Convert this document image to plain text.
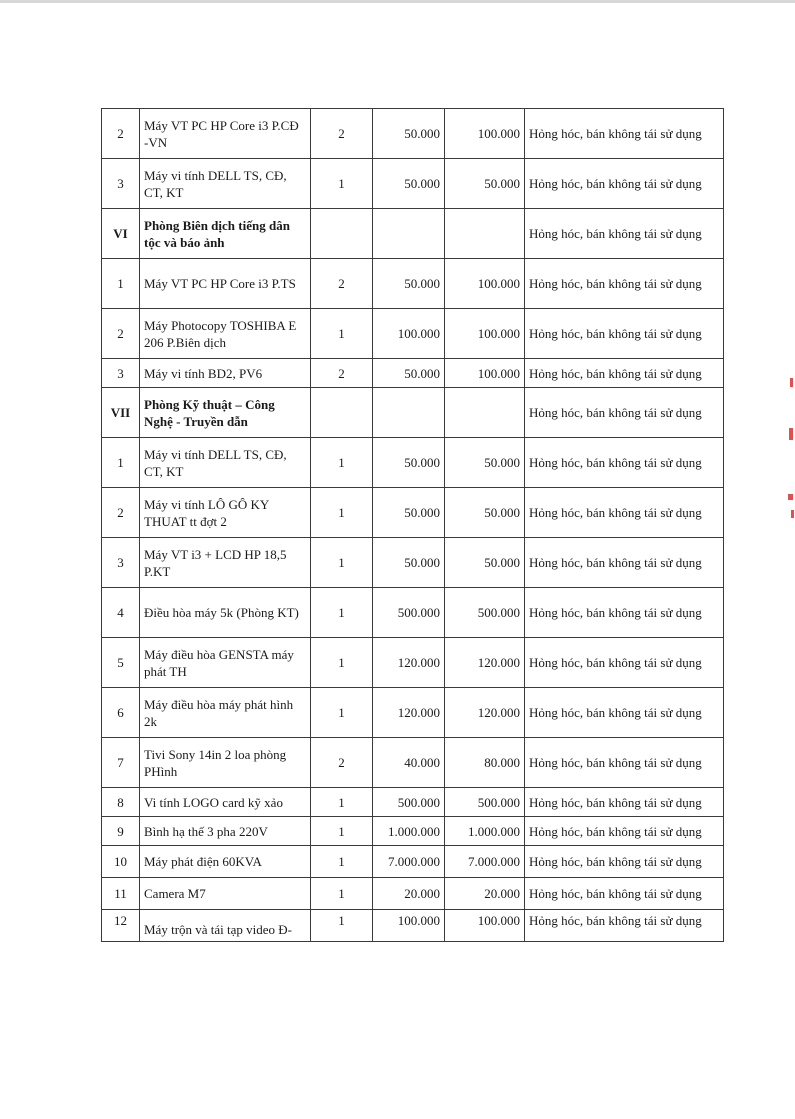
2	Máy VT PC HP Core i3 P.CĐ -VN	2	50.000	100.000	Hỏng hóc, bán không tái sử dụng
3	Máy vi tính DELL TS, CĐ, CT, KT	1	50.000	50.000	Hỏng hóc, bán không tái sử dụng
VI	Phòng Biên dịch tiếng dân tộc và báo ảnh				Hỏng hóc, bán không tái sử dụng
1	Máy VT PC HP Core i3 P.TS	2	50.000	100.000	Hỏng hóc, bán không tái sử dụng
2	Máy Photocopy TOSHIBA E 206 P.Biên dịch	1	100.000	100.000	Hỏng hóc, bán không tái sử dụng
3	Máy vi tính BD2, PV6	2	50.000	100.000	Hỏng hóc, bán không tái sử dụng
VII	Phòng Kỹ thuật – Công Nghệ - Truyền dẫn				Hỏng hóc, bán không tái sử dụng
1	Máy vi tính DELL TS, CĐ, CT, KT	1	50.000	50.000	Hỏng hóc, bán không tái sử dụng
2	Máy vi tính LÔ GÔ KY THUAT tt đợt 2	1	50.000	50.000	Hỏng hóc, bán không tái sử dụng
3	Máy VT i3 + LCD HP 18,5 P.KT	1	50.000	50.000	Hỏng hóc, bán không tái sử dụng
4	Điều hòa máy 5k (Phòng KT)	1	500.000	500.000	Hỏng hóc, bán không tái sử dụng
5	Máy điều hòa GENSTA máy phát TH	1	120.000	120.000	Hỏng hóc, bán không tái sử dụng
6	Máy điều hòa máy phát hình 2k	1	120.000	120.000	Hỏng hóc, bán không tái sử dụng
7	Tivi Sony 14in 2 loa phòng PHình	2	40.000	80.000	Hỏng hóc, bán không tái sử dụng
8	Vi tính LOGO card kỹ xảo	1	500.000	500.000	Hỏng hóc, bán không tái sử dụng
9	Bình hạ thế 3 pha 220V	1	1.000.000	1.000.000	Hỏng hóc, bán không tái sử dụng
10	Máy phát điện 60KVA	1	7.000.000	7.000.000	Hỏng hóc, bán không tái sử dụng
11	Camera M7	1	20.000	20.000	Hỏng hóc, bán không tái sử dụng
12	Máy trộn và tái tạp video Đ-	1	100.000	100.000	Hỏng hóc, bán không tái sử dụng
